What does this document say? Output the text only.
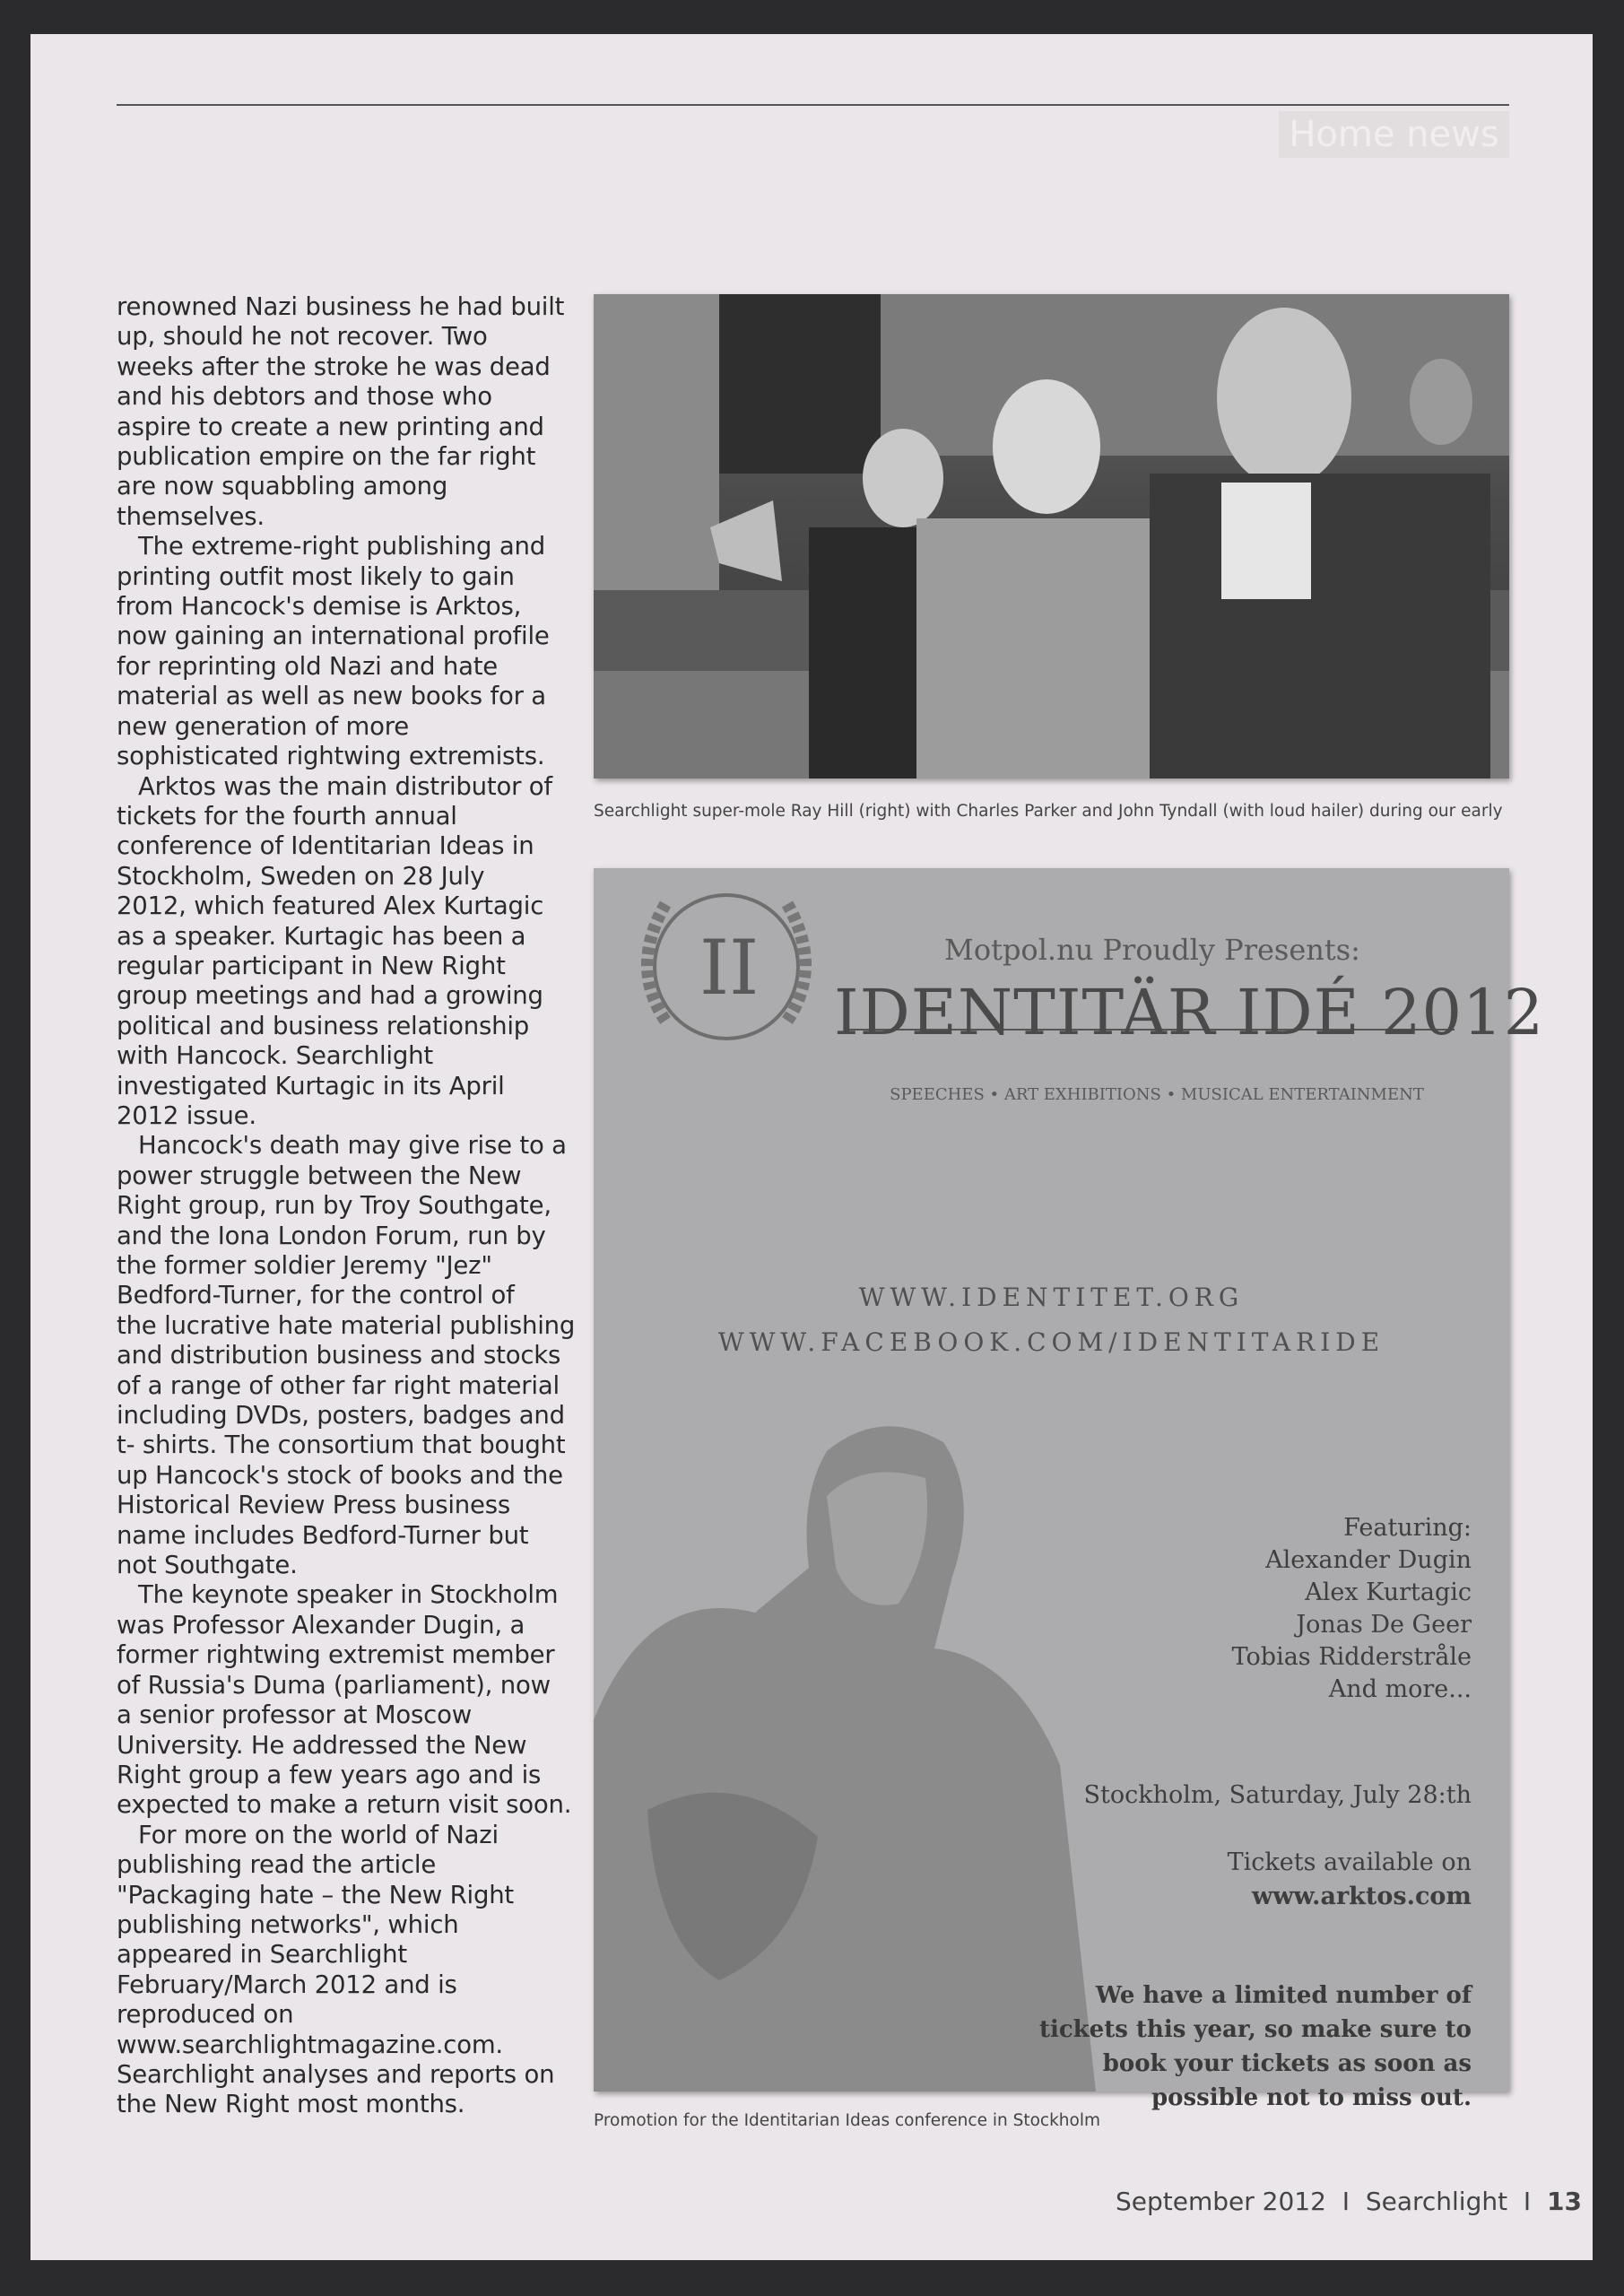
Home news
renowned Nazi business he had built
up, should he not recover. Two
weeks after the stroke he was dead
and his debtors and those who
aspire to create a new printing and
publication empire on the far right
are now squabbling among
themselves.
The extreme-right publishing and
printing outfit most likely to gain
from Hancock's demise is Arktos,
now gaining an international profile
for reprinting old Nazi and hate
material as well as new books for a
new generation of more
sophisticated rightwing extremists.
Arktos was the main distributor of
tickets for the fourth annual
conference of Identitarian Ideas in
Stockholm, Sweden on 28 July
2012, which featured Alex Kurtagic
as a speaker. Kurtagic has been a
regular participant in New Right
group meetings and had a growing
political and business relationship
with Hancock. Searchlight
investigated Kurtagic in its April
2012 issue.
Hancock's death may give rise to a
power struggle between the New
Right group, run by Troy Southgate,
and the Iona London Forum, run by
the former soldier Jeremy "Jez"
Bedford-Turner, for the control of
the lucrative hate material publishing
and distribution business and stocks
of a range of other far right material
including DVDs, posters, badges and
t- shirts. The consortium that bought
up Hancock's stock of books and the
Historical Review Press business
name includes Bedford-Turner but
not Southgate.
The keynote speaker in Stockholm
was Professor Alexander Dugin, a
former rightwing extremist member
of Russia's Duma (parliament), now
a senior professor at Moscow
University. He addressed the New
Right group a few years ago and is
expected to make a return visit soon.
For more on the world of Nazi
publishing read the article
"Packaging hate – the New Right
publishing networks", which
appeared in Searchlight
February/March 2012 and is
reproduced on
www.searchlightmagazine.com.
Searchlight analyses and reports on
the New Right most months.
Searchlight super-mole Ray Hill (right) with Charles Parker and John Tyndall (with loud hailer) during our early
II	Motpol.nu Proudly Presents:
IDENTITÄR IDÉ 2012
SPEECHES • ART EXHIBITIONS • MUSICAL ENTERTAINMENT
WWW.IDENTITET.ORG
WWW.FACEBOOK.COM/IDENTITARIDE
Featuring:
Alexander Dugin
Alex Kurtagic
Jonas De Geer
Tobias Ridderstråle
And more...
Stockholm, Saturday, July 28:th
Tickets available on
www.arktos.com
We have a limited number of
tickets this year, so make sure to
book your tickets as soon as
possible not to miss out.
Promotion for the Identitarian Ideas conference in Stockholm
September 2012 I Searchlight I 13
